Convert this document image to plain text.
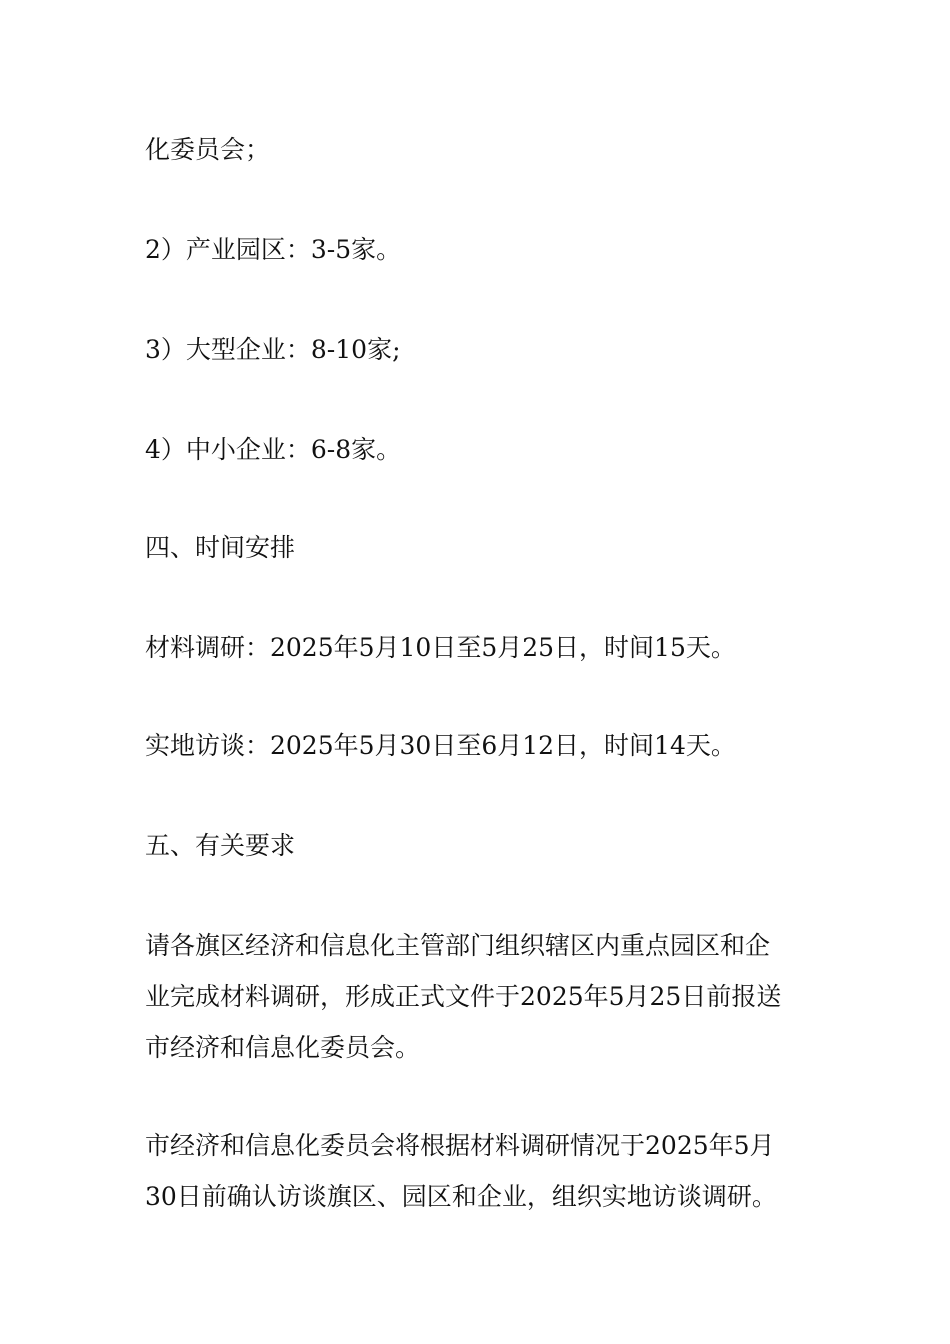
化委员会；
2）产业园区：3-5家。
3）大型企业：8-10家;
4）中小企业：6-8家。
四、时间安排
材料调研：2025年5月10日至5月25日，时间15天。
实地访谈：2025年5月30日至6月12日，时间14天。
五、有关要求
请各旗区经济和信息化主管部门组织辖区内重点园区和企
业完成材料调研，形成正式文件于2025年5月25日前报送
市经济和信息化委员会。
市经济和信息化委员会将根据材料调研情况于2025年5月
30日前确认访谈旗区、园区和企业，组织实地访谈调研。
